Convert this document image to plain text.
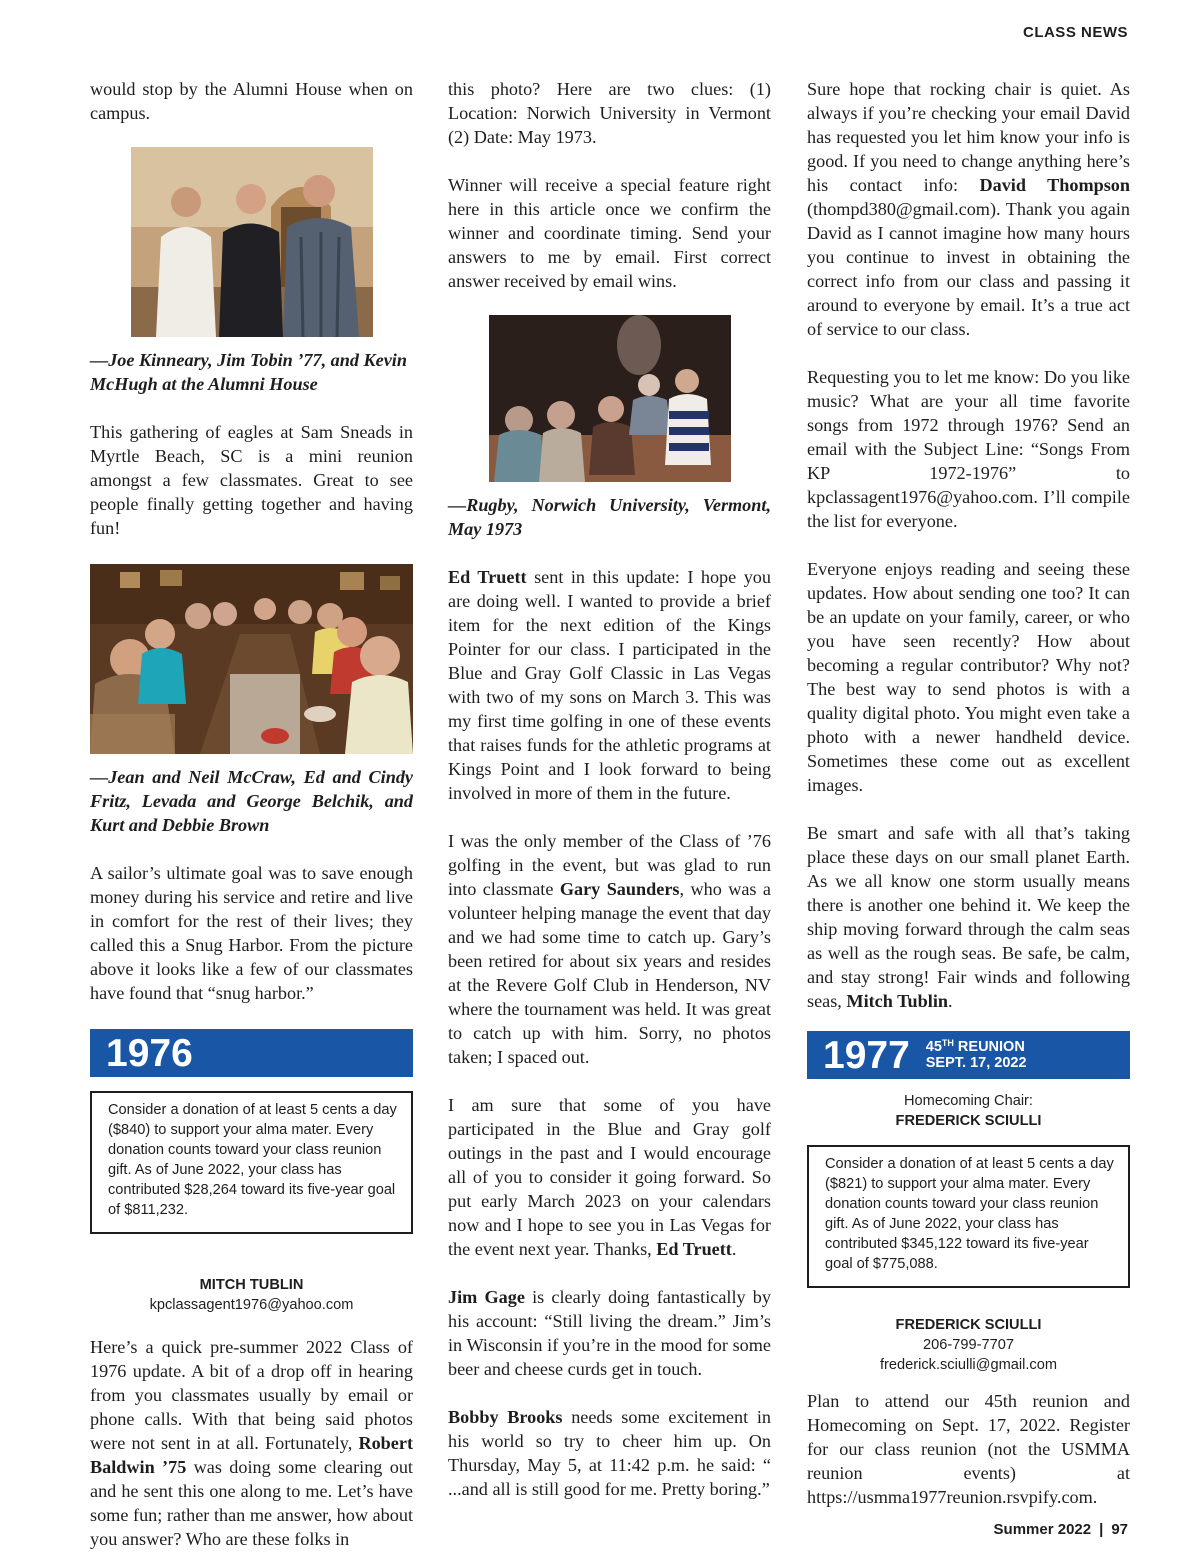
CLASS NEWS

would stop by the Alumni House when on campus.

—Joe Kinneary, Jim Tobin ’77, and Kevin McHugh at the Alumni House

This gathering of eagles at Sam Sneads in Myrtle Beach, SC is a mini reunion amongst a few classmates. Great to see people finally getting together and having fun!

—Jean and Neil McCraw, Ed and Cindy Fritz, Levada and George Belchik, and Kurt and Debbie Brown

A sailor’s ultimate goal was to save enough money during his service and retire and live in comfort for the rest of their lives; they called this a Snug Harbor. From the picture above it looks like a few of our classmates have found that “snug harbor.”

1976
Consider a donation of at least 5 cents a day ($840) to support your alma mater. Every donation counts toward your class reunion gift. As of June 2022, your class has contributed $28,264 toward its five-year goal of $811,232.
MITCH TUBLIN
kpclassagent1976@yahoo.com

Here’s a quick pre-summer 2022 Class of 1976 update. A bit of a drop off in hearing from you classmates usually by email or phone calls. With that being said photos were not sent in at all. Fortunately, Robert Baldwin ’75 was doing some clearing out and he sent this one along to me. Let’s have some fun; rather than me answer, how about you answer? Who are these folks in

this photo? Here are two clues: (1) Location: Norwich University in Vermont (2) Date: May 1973.

Winner will receive a special feature right here in this article once we confirm the winner and coordinate timing. Send your answers to me by email. First correct answer received by email wins.

—Rugby, Norwich University, Vermont, May 1973

Ed Truett sent in this update: I hope you are doing well. I wanted to provide a brief item for the next edition of the Kings Pointer for our class. I participated in the Blue and Gray Golf Classic in Las Vegas with two of my sons on March 3. This was my first time golfing in one of these events that raises funds for the athletic programs at Kings Point and I look forward to being involved in more of them in the future.

I was the only member of the Class of ’76 golfing in the event, but was glad to run into classmate Gary Saunders, who was a volunteer helping manage the event that day and we had some time to catch up. Gary’s been retired for about six years and resides at the Revere Golf Club in Henderson, NV where the tournament was held. It was great to catch up with him. Sorry, no photos taken; I spaced out.

I am sure that some of you have participated in the Blue and Gray golf outings in the past and I would encourage all of you to consider it going forward. So put early March 2023 on your calendars now and I hope to see you in Las Vegas for the event next year. Thanks, Ed Truett.

Jim Gage is clearly doing fantastically by his account: “Still living the dream.” Jim’s in Wisconsin if you’re in the mood for some beer and cheese curds get in touch.

Bobby Brooks needs some excitement in his world so try to cheer him up. On Thursday, May 5, at 11:42 p.m. he said: “ ...and all is still good for me. Pretty boring.”

Sure hope that rocking chair is quiet. As always if you’re checking your email David has requested you let him know your info is good. If you need to change anything here’s his contact info: David Thompson (thompd380@gmail.com). Thank you again David as I cannot imagine how many hours you continue to invest in obtaining the correct info from our class and passing it around to everyone by email. It’s a true act of service to our class.

Requesting you to let me know: Do you like music? What are your all time favorite songs from 1972 through 1976? Send an email with the Subject Line: “Songs From KP 1972-1976” to kpclassagent1976@yahoo.com. I’ll compile the list for everyone.

Everyone enjoys reading and seeing these updates. How about sending one too? It can be an update on your family, career, or who you have seen recently? How about becoming a regular contributor? Why not? The best way to send photos is with a quality digital photo. You might even take a photo with a newer handheld device. Sometimes these come out as excellent images.

Be smart and safe with all that’s taking place these days on our small planet Earth. As we all know one storm usually means there is another one behind it. We keep the ship moving forward through the calm seas as well as the rough seas. Be safe, be calm, and stay strong! Fair winds and following seas, Mitch Tublin.

1977 45TH REUNION
SEPT. 17, 2022
Homecoming Chair:
FREDERICK SCIULLI
Consider a donation of at least 5 cents a day ($821) to support your alma mater. Every donation counts toward your class reunion gift. As of June 2022, your class has contributed $345,122 toward its five-year goal of $775,088.
FREDERICK SCIULLI
206-799-7707
frederick.sciulli@gmail.com

Plan to attend our 45th reunion and Homecoming on Sept. 17, 2022. Register for our class reunion (not the USMMA reunion events) at https://usmma1977reunion.rsvpify.com.

Summer 2022 | 97
